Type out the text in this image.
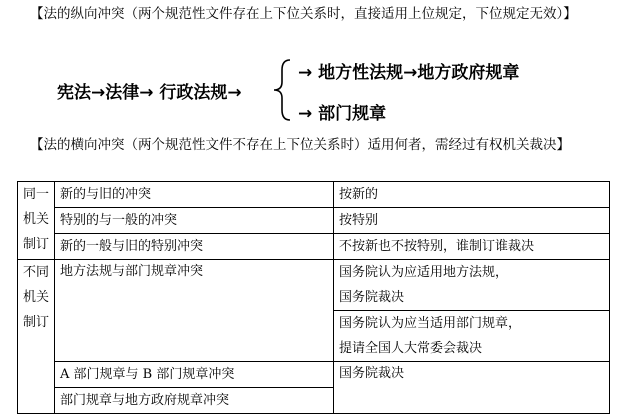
【法的纵向冲突（两个规范性文件存在上下位关系时，直接适用上位规定，下位规定无效）】

宪法→法律→ 行政法规→
→ 地方性法规→地方政府规章
→ 部门规章

【法的横向冲突（两个规范性文件不存在上下位关系时）适用何者，需经过有权机关裁决】

同一
机关
制订	新的与旧的冲突	按新的
	特别的与一般的冲突	按特别
	新的一般与旧的特别冲突	不按新也不按特别，谁制订谁裁决

不同
机关
制订	地方法规与部门规章冲突	国务院认为应适用地方法规，
国务院裁决

		国务院认为应当适用部门规章，
提请全国人大常委会裁决

	A 部门规章与 B 部门规章冲突	国务院裁决
	部门规章与地方政府规章冲突	
